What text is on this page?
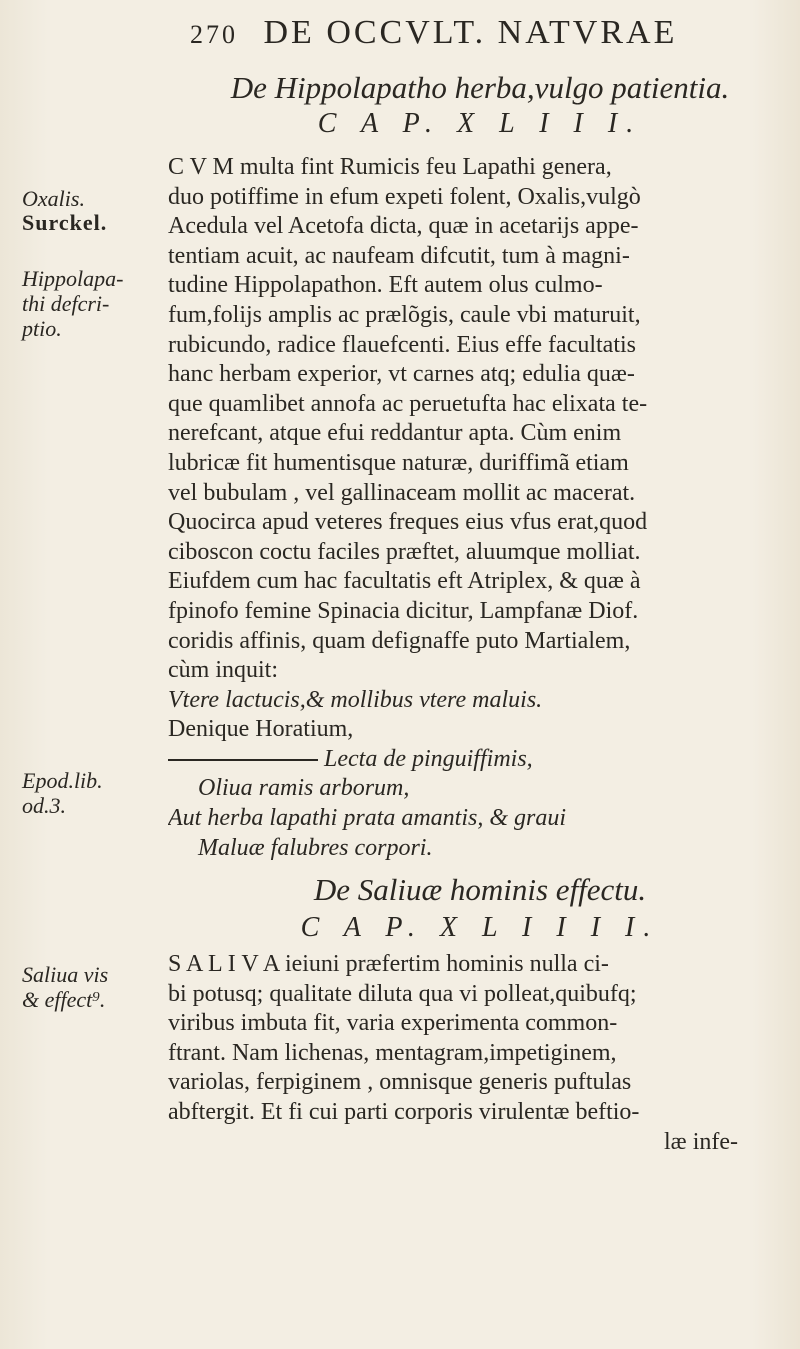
270 DE OCCVLT. NATVRAE
De Hippolapatho herba,vulgo patientia.
C A P. X L I I I.
C V M multa fint Rumicis feu Lapathi genera,
duo potiffime in efum expeti folent, Oxalis,vulgò
Acedula vel Acetofa dicta, quæ in acetarijs appe-
tentiam acuit, ac naufeam difcutit, tum à magni-
tudine Hippolapathon. Eft autem olus culmo-
fum,folijs amplis ac prælõgis, caule vbi maturuit,
rubicundo, radice flauefcenti. Eius effe facultatis
hanc herbam experior, vt carnes atq; edulia quæ-
que quamlibet annofa ac peruetufta hac elixata te-
nerefcant, atque efui reddantur apta. Cùm enim
lubricæ fit humentisque naturæ, duriffimã etiam
vel bubulam , vel gallinaceam mollit ac macerat.
Quocirca apud veteres freques eius vfus erat,quod
ciboscon coctu faciles præftet, aluumque molliat.
Eiufdem cum hac facultatis eft Atriplex, & quæ à
fpinofo femine Spinacia dicitur, Lampfanæ Diof.
coridis affinis, quam defignaffe puto Martialem,
cùm inquit:
Vtere lactucis,& mollibus vtere maluis.
Denique Horatium,
Lecta de pinguiffimis,
Oliua ramis arborum,
Aut herba lapathi prata amantis, & graui
Maluæ falubres corpori.
De Saliuæ hominis effectu.
C A P. X L I I I I.
S A L I V A ieiuni præfertim hominis nulla ci-
bi potusq; qualitate diluta qua vi polleat,quibufq;
viribus imbuta fit, varia experimenta common-
ftrant. Nam lichenas, mentagram,impetiginem,
variolas, ferpiginem , omnisque generis puftulas
abftergit. Et fi cui parti corporis virulentæ beftio-
læ infe-
Oxalis.
Surckel.
Hippolapa-
thi defcri-
ptio.
Epod.lib.
od.3.
Saliua vis
& effect⁹.
